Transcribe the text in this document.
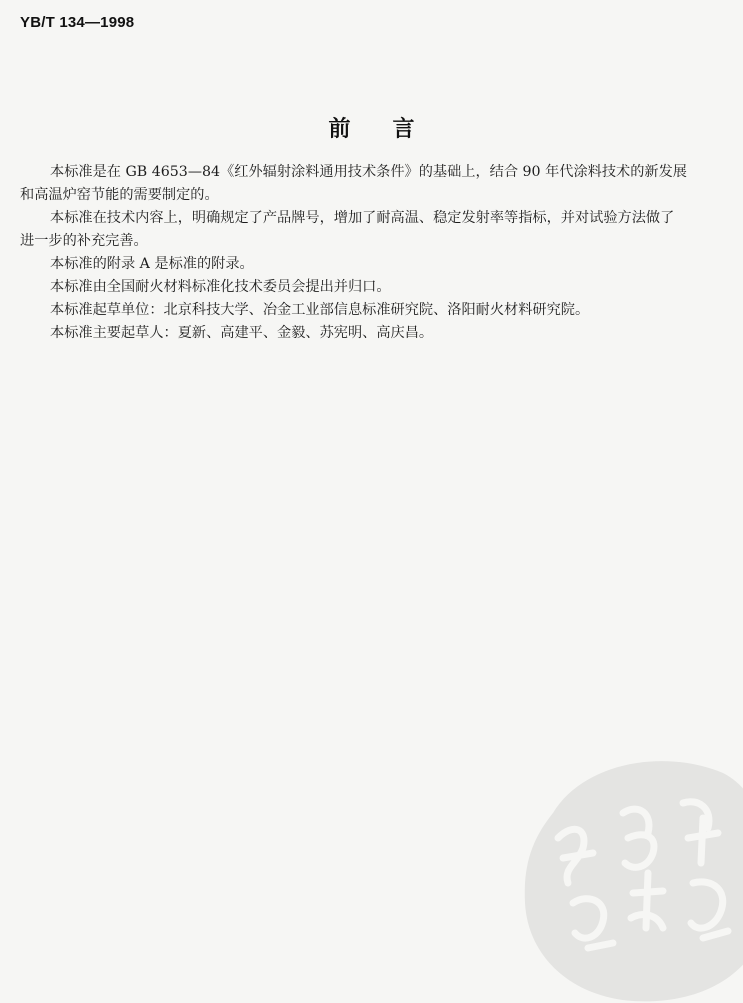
YB/T 134—1998
前言

本标准是在 GB 4653—84《红外辐射涂料通用技术条件》的基础上，结合 90 年代涂料技术的新发展
和高温炉窑节能的需要制定的。

本标准在技术内容上，明确规定了产品牌号，增加了耐高温、稳定发射率等指标，并对试验方法做了
进一步的补充完善。

本标准的附录 A 是标准的附录。

本标准由全国耐火材料标准化技术委员会提出并归口。

本标准起草单位：北京科技大学、冶金工业部信息标准研究院、洛阳耐火材料研究院。

本标准主要起草人：夏新、高建平、金毅、苏宪明、高庆昌。
